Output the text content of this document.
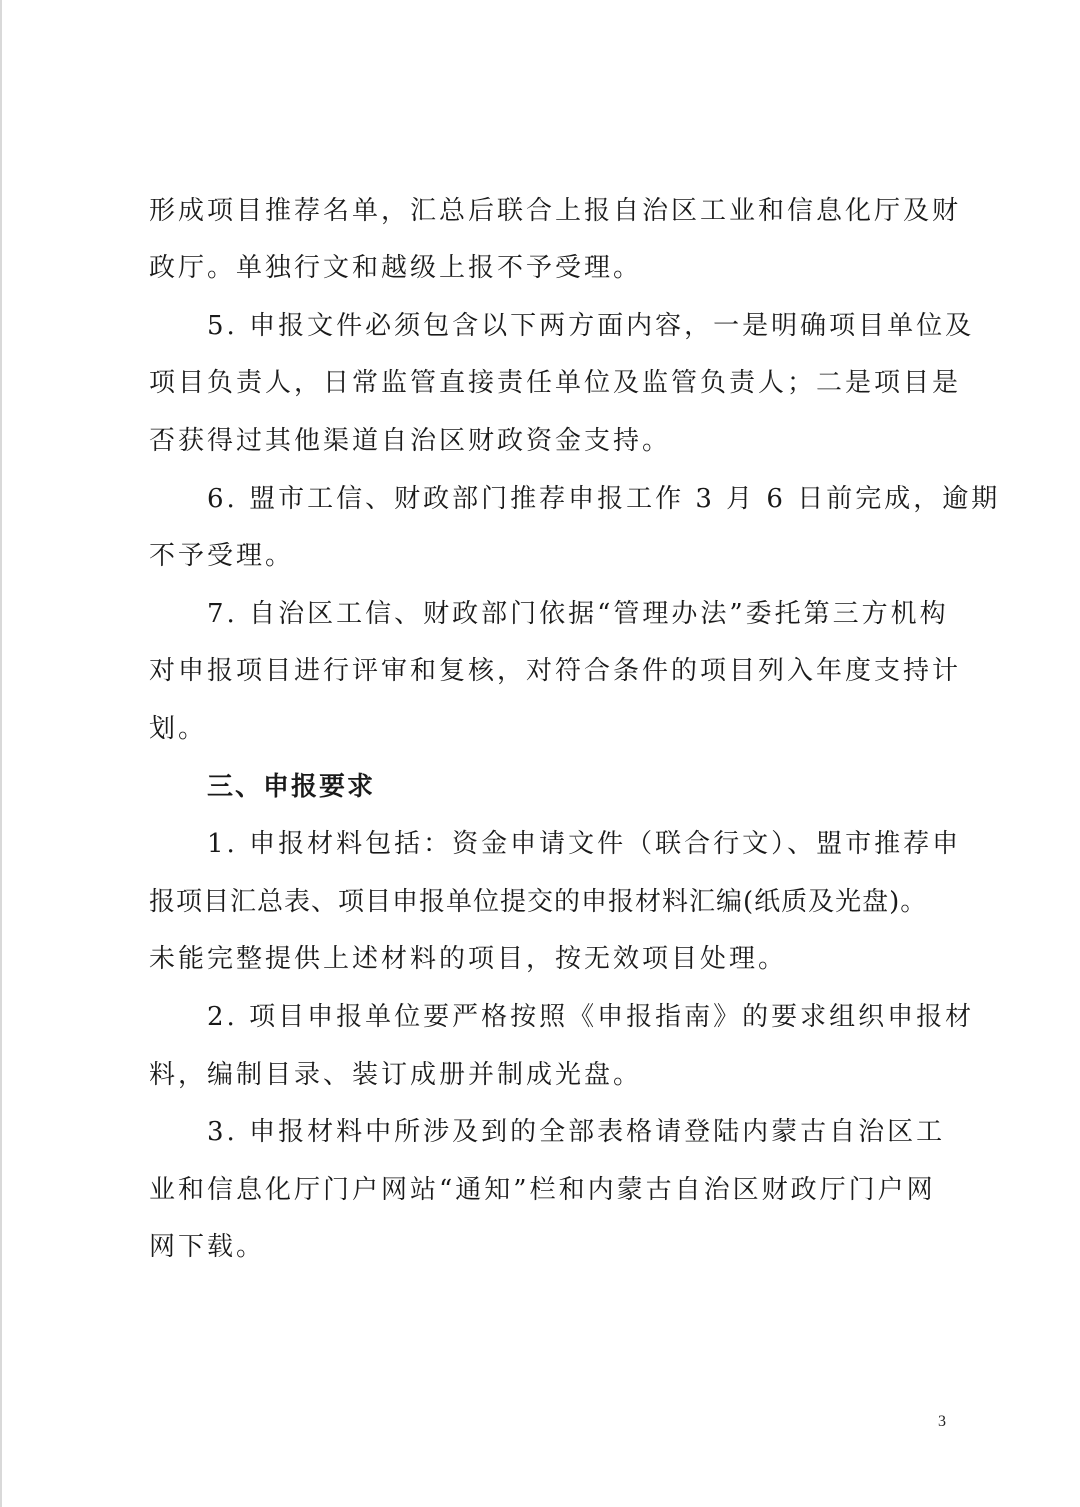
形成项目推荐名单，汇总后联合上报自治区工业和信息化厅及财
政厅。单独行文和越级上报不予受理。
5. 申报文件必须包含以下两方面内容，一是明确项目单位及
项目负责人，日常监管直接责任单位及监管负责人；二是项目是
否获得过其他渠道自治区财政资金支持。
6. 盟市工信、财政部门推荐申报工作 3 月 6 日前完成，逾期
不予受理。
7. 自治区工信、财政部门依据“管理办法”委托第三方机构
对申报项目进行评审和复核，对符合条件的项目列入年度支持计
划。
三、申报要求
1. 申报材料包括：资金申请文件（联合行文）、盟市推荐申
报项目汇总表、项目申报单位提交的申报材料汇编(纸质及光盘)。
未能完整提供上述材料的项目，按无效项目处理。
2. 项目申报单位要严格按照《申报指南》的要求组织申报材
料，编制目录、装订成册并制成光盘。
3. 申报材料中所涉及到的全部表格请登陆内蒙古自治区工
业和信息化厅门户网站“通知”栏和内蒙古自治区财政厅门户网
网下载。
3
